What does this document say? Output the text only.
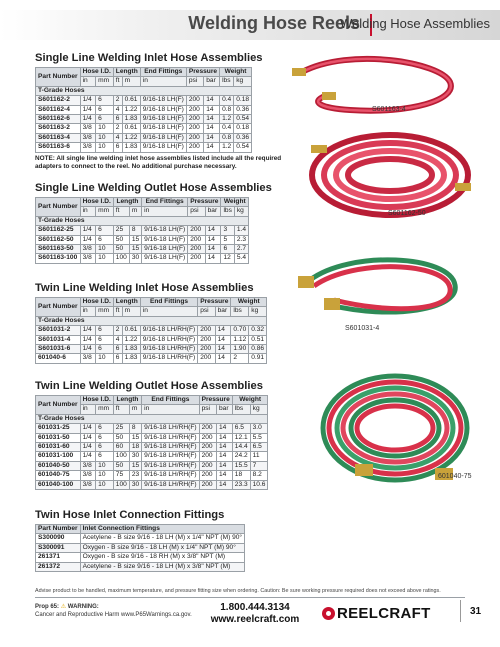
Welding Hose Reels
Welding Hose Assemblies
Single Line Welding Inlet Hose Assemblies
Part Number	Hose I.D.		Length		End Fittings	Pressure		Weight	
	in	mm	ft	m	in	psi	bar	lbs	kg
T-Grade Hoses									
S601162-2	1/4	6	2	0.61	9/16-18 LH(F)	200	14	0.4	0.18
S601162-4	1/4	6	4	1.22	9/16-18 LH(F)	200	14	0.8	0.36
S601162-6	1/4	6	6	1.83	9/16-18 LH(F)	200	14	1.2	0.54
S601163-2	3/8	10	2	0.61	9/16-18 LH(F)	200	14	0.4	0.18
S601163-4	3/8	10	4	1.22	9/16-18 LH(F)	200	14	0.8	0.36
S601163-6	3/8	10	6	1.83	9/16-18 LH(F)	200	14	1.2	0.54
NOTE: All single line welding inlet hose assemblies listed include all the required adapters to connect to the reel. No additional purchase necessary.
Single Line Welding Outlet Hose Assemblies
Part Number	Hose I.D.		Length		End Fittings	Pressure		Weight	
	in	mm	ft	m	in	psi	bar	lbs	kg
T-Grade Hoses									
S601162-25	1/4	6	25	8	9/16-18 LH(F)	200	14	3	1.4
S601162-50	1/4	6	50	15	9/16-18 LH(F)	200	14	5	2.3
S601163-50	3/8	10	50	15	9/16-18 LH(F)	200	14	6	2.7
S601163-100	3/8	10	100	30	9/16-18 LH(F)	200	14	12	5.4
Twin Line Welding Inlet Hose Assemblies
Part Number	Hose I.D.		Length		End Fittings	Pressure		Weight	
	in	mm	ft	m	in	psi	bar	lbs	kg
T-Grade Hoses									
S601031-2	1/4	6	2	0.61	9/16-18 LH/RH(F)	200	14	0.70	0.32
S601031-4	1/4	6	4	1.22	9/16-18 LH/RH(F)	200	14	1.12	0.51
S601031-6	1/4	6	6	1.83	9/16-18 LH/RH(F)	200	14	1.90	0.86
601040-6	3/8	10	6	1.83	9/16-18 LH/RH(F)	200	14	2	0.91
Twin Line Welding Outlet Hose Assemblies
Part Number	Hose I.D.		Length		End Fittings	Pressure		Weight	
	in	mm	ft	m	in	psi	bar	lbs	kg
T-Grade Hoses									
601031-25	1/4	6	25	8	9/16-18 LH/RH(F)	200	14	6.5	3.0
601031-50	1/4	6	50	15	9/16-18 LH/RH(F)	200	14	12.1	5.5
601031-60	1/4	6	60	18	9/16-18 LH/RH(F)	200	14	14.4	6.5
601031-100	1/4	6	100	30	9/16-18 LH/RH(F)	200	14	24.2	11
601040-50	3/8	10	50	15	9/16-18 LH/RH(F)	200	14	15.5	7
601040-75	3/8	10	75	23	9/16-18 LH/RH(F)	200	14	18	8.2
601040-100	3/8	10	100	30	9/16-18 LH/RH(F)	200	14	23.3	10.6
Twin Hose Inlet Connection Fittings
Part Number	Inlet Connection Fittings
S300090	Acetylene - B size 9/16 - 18 LH (M) x 1/4" NPT (M) 90°
S300091	Oxygen - B size 9/16 - 18 LH (M) x 1/4" NPT (M) 90°
261371	Oxygen - B size 9/16 - 18 RH (M) x 3/8" NPT (M)
261372	Acetylene - B size 9/16 - 18 LH (M) x 3/8" NPT (M)
S601163-4
S601162-50
S601031-4
601040-75
Advise product to be handled, maximum temperature, and pressure fitting size when ordering. Caution: Be sure working pressure required does not exceed above ratings.
Prop 65: ⚠ WARNING:
Cancer and Reproductive Harm www.P65Warnings.ca.gov.
1.800.444.3134
www.reelcraft.com	REELCRAFT	31
